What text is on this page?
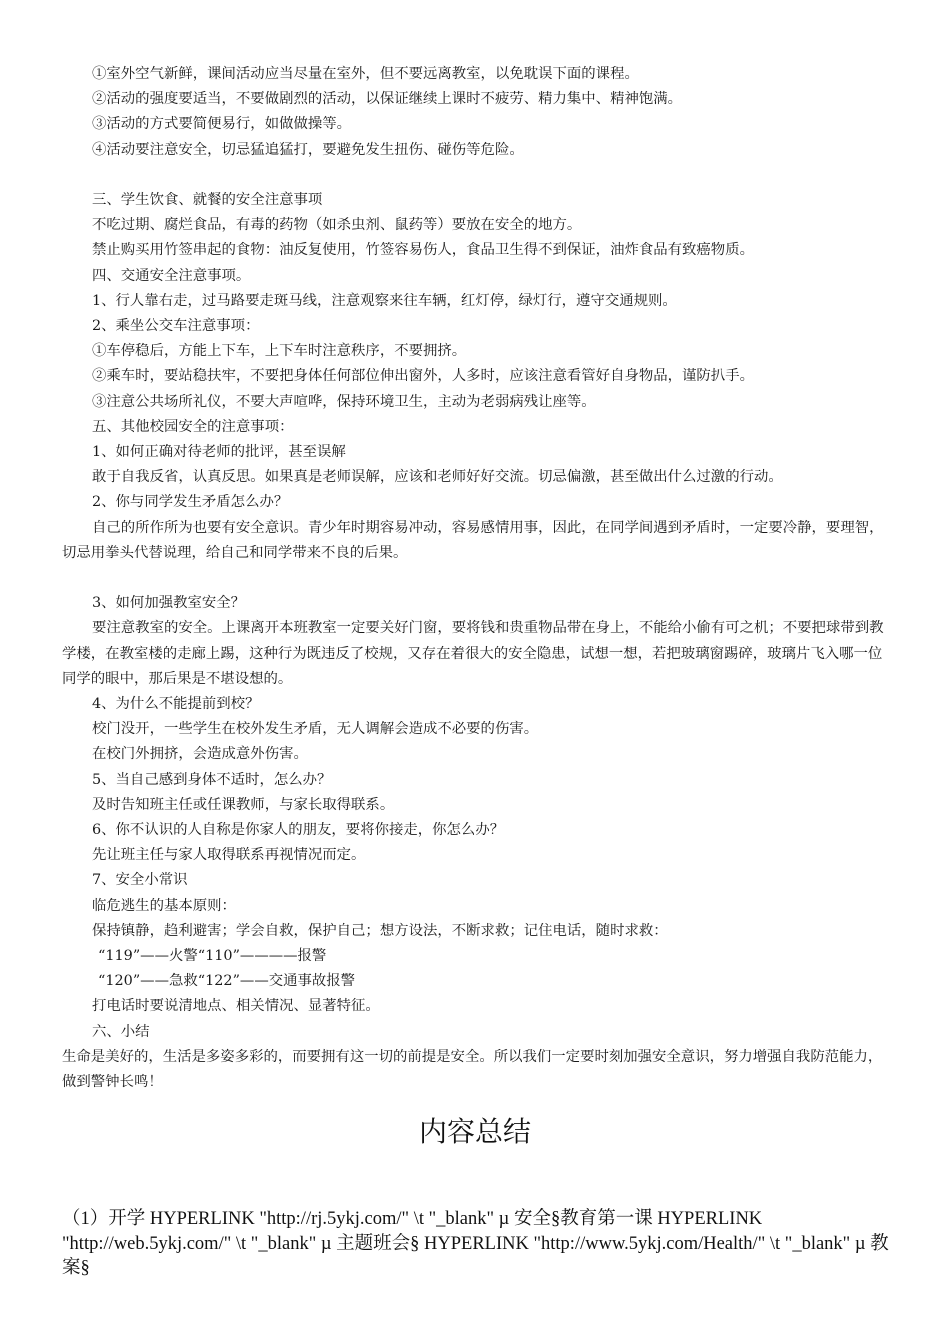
①室外空气新鲜，课间活动应当尽量在室外，但不要远离教室，以免耽误下面的课程。
②活动的强度要适当，不要做剧烈的活动，以保证继续上课时不疲劳、精力集中、精神饱满。
③活动的方式要简便易行，如做做操等。
④活动要注意安全，切忌猛追猛打，要避免发生扭伤、碰伤等危险。
三、学生饮食、就餐的安全注意事项
不吃过期、腐烂食品，有毒的药物（如杀虫剂、鼠药等）要放在安全的地方。
禁止购买用竹签串起的食物：油反复使用，竹签容易伤人，食品卫生得不到保证，油炸食品有致癌物质。
四、交通安全注意事项。
1、行人靠右走，过马路要走斑马线，注意观察来往车辆，红灯停，绿灯行，遵守交通规则。
2、乘坐公交车注意事项：
①车停稳后，方能上下车，上下车时注意秩序，不要拥挤。
②乘车时，要站稳扶牢，不要把身体任何部位伸出窗外，人多时，应该注意看管好自身物品，谨防扒手。
③注意公共场所礼仪，不要大声喧哗，保持环境卫生，主动为老弱病残让座等。
五、其他校园安全的注意事项：
1、如何正确对待老师的批评，甚至误解
敢于自我反省，认真反思。如果真是老师误解，应该和老师好好交流。切忌偏激，甚至做出什么过激的行动。
2、你与同学发生矛盾怎么办？
自己的所作所为也要有安全意识。青少年时期容易冲动，容易感情用事，因此，在同学间遇到矛盾时，一定要冷静，要理智，切忌用拳头代替说理，给自己和同学带来不良的后果。
3、如何加强教室安全？
要注意教室的安全。上课离开本班教室一定要关好门窗，要将钱和贵重物品带在身上，不能给小偷有可之机；不要把球带到教学楼，在教室楼的走廊上踢，这种行为既违反了校规，又存在着很大的安全隐患，试想一想，若把玻璃窗踢碎，玻璃片飞入哪一位同学的眼中，那后果是不堪设想的。
4、为什么不能提前到校？
校门没开，一些学生在校外发生矛盾，无人调解会造成不必要的伤害。
在校门外拥挤，会造成意外伤害。
5、当自己感到身体不适时，怎么办？
及时告知班主任或任课教师，与家长取得联系。
6、你不认识的人自称是你家人的朋友，要将你接走，你怎么办？
先让班主任与家人取得联系再视情况而定。
7、安全小常识
临危逃生的基本原则：
保持镇静，趋利避害；学会自救，保护自己；想方设法，不断求救；记住电话，随时求救：
“119”——火警“110”————报警
“120”——急救“122”——交通事故报警
打电话时要说清地点、相关情况、显著特征。
六、小结
生命是美好的，生活是多姿多彩的，而要拥有这一切的前提是安全。所以我们一定要时刻加强安全意识，努力增强自我防范能力，做到警钟长鸣！
内容总结
（1）开学 HYPERLINK "http://rj.5ykj.com/" \t "_blank" µ 安全§教育第一课 HYPERLINK "http://web.5ykj.com/" \t "_blank" µ 主题班会§ HYPERLINK "http://www.5ykj.com/Health/" \t "_blank" µ 教案§
